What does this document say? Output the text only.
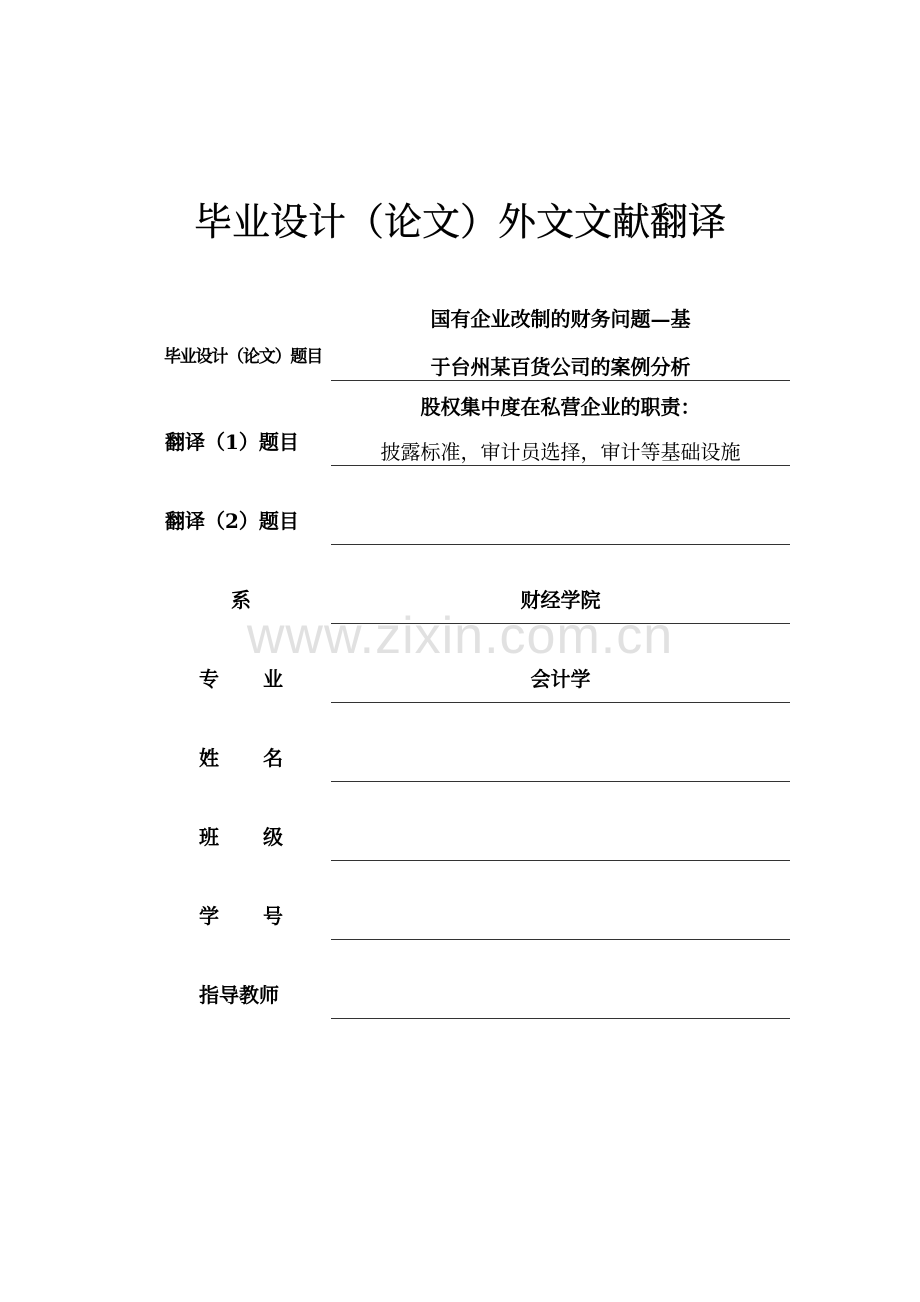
毕业设计（论文）外文文献翻译
毕业设计（论文）题目
国有企业改制的财务问题—基
于台州某百货公司的案例分析
翻译（1）题目
股权集中度在私营企业的职责：
披露标准，审计员选择，审计等基础设施
翻译（2）题目
系	财经学院
专 业	会计学
姓 名
班 级
学 号
指导教师
www.zixin.com.cn
